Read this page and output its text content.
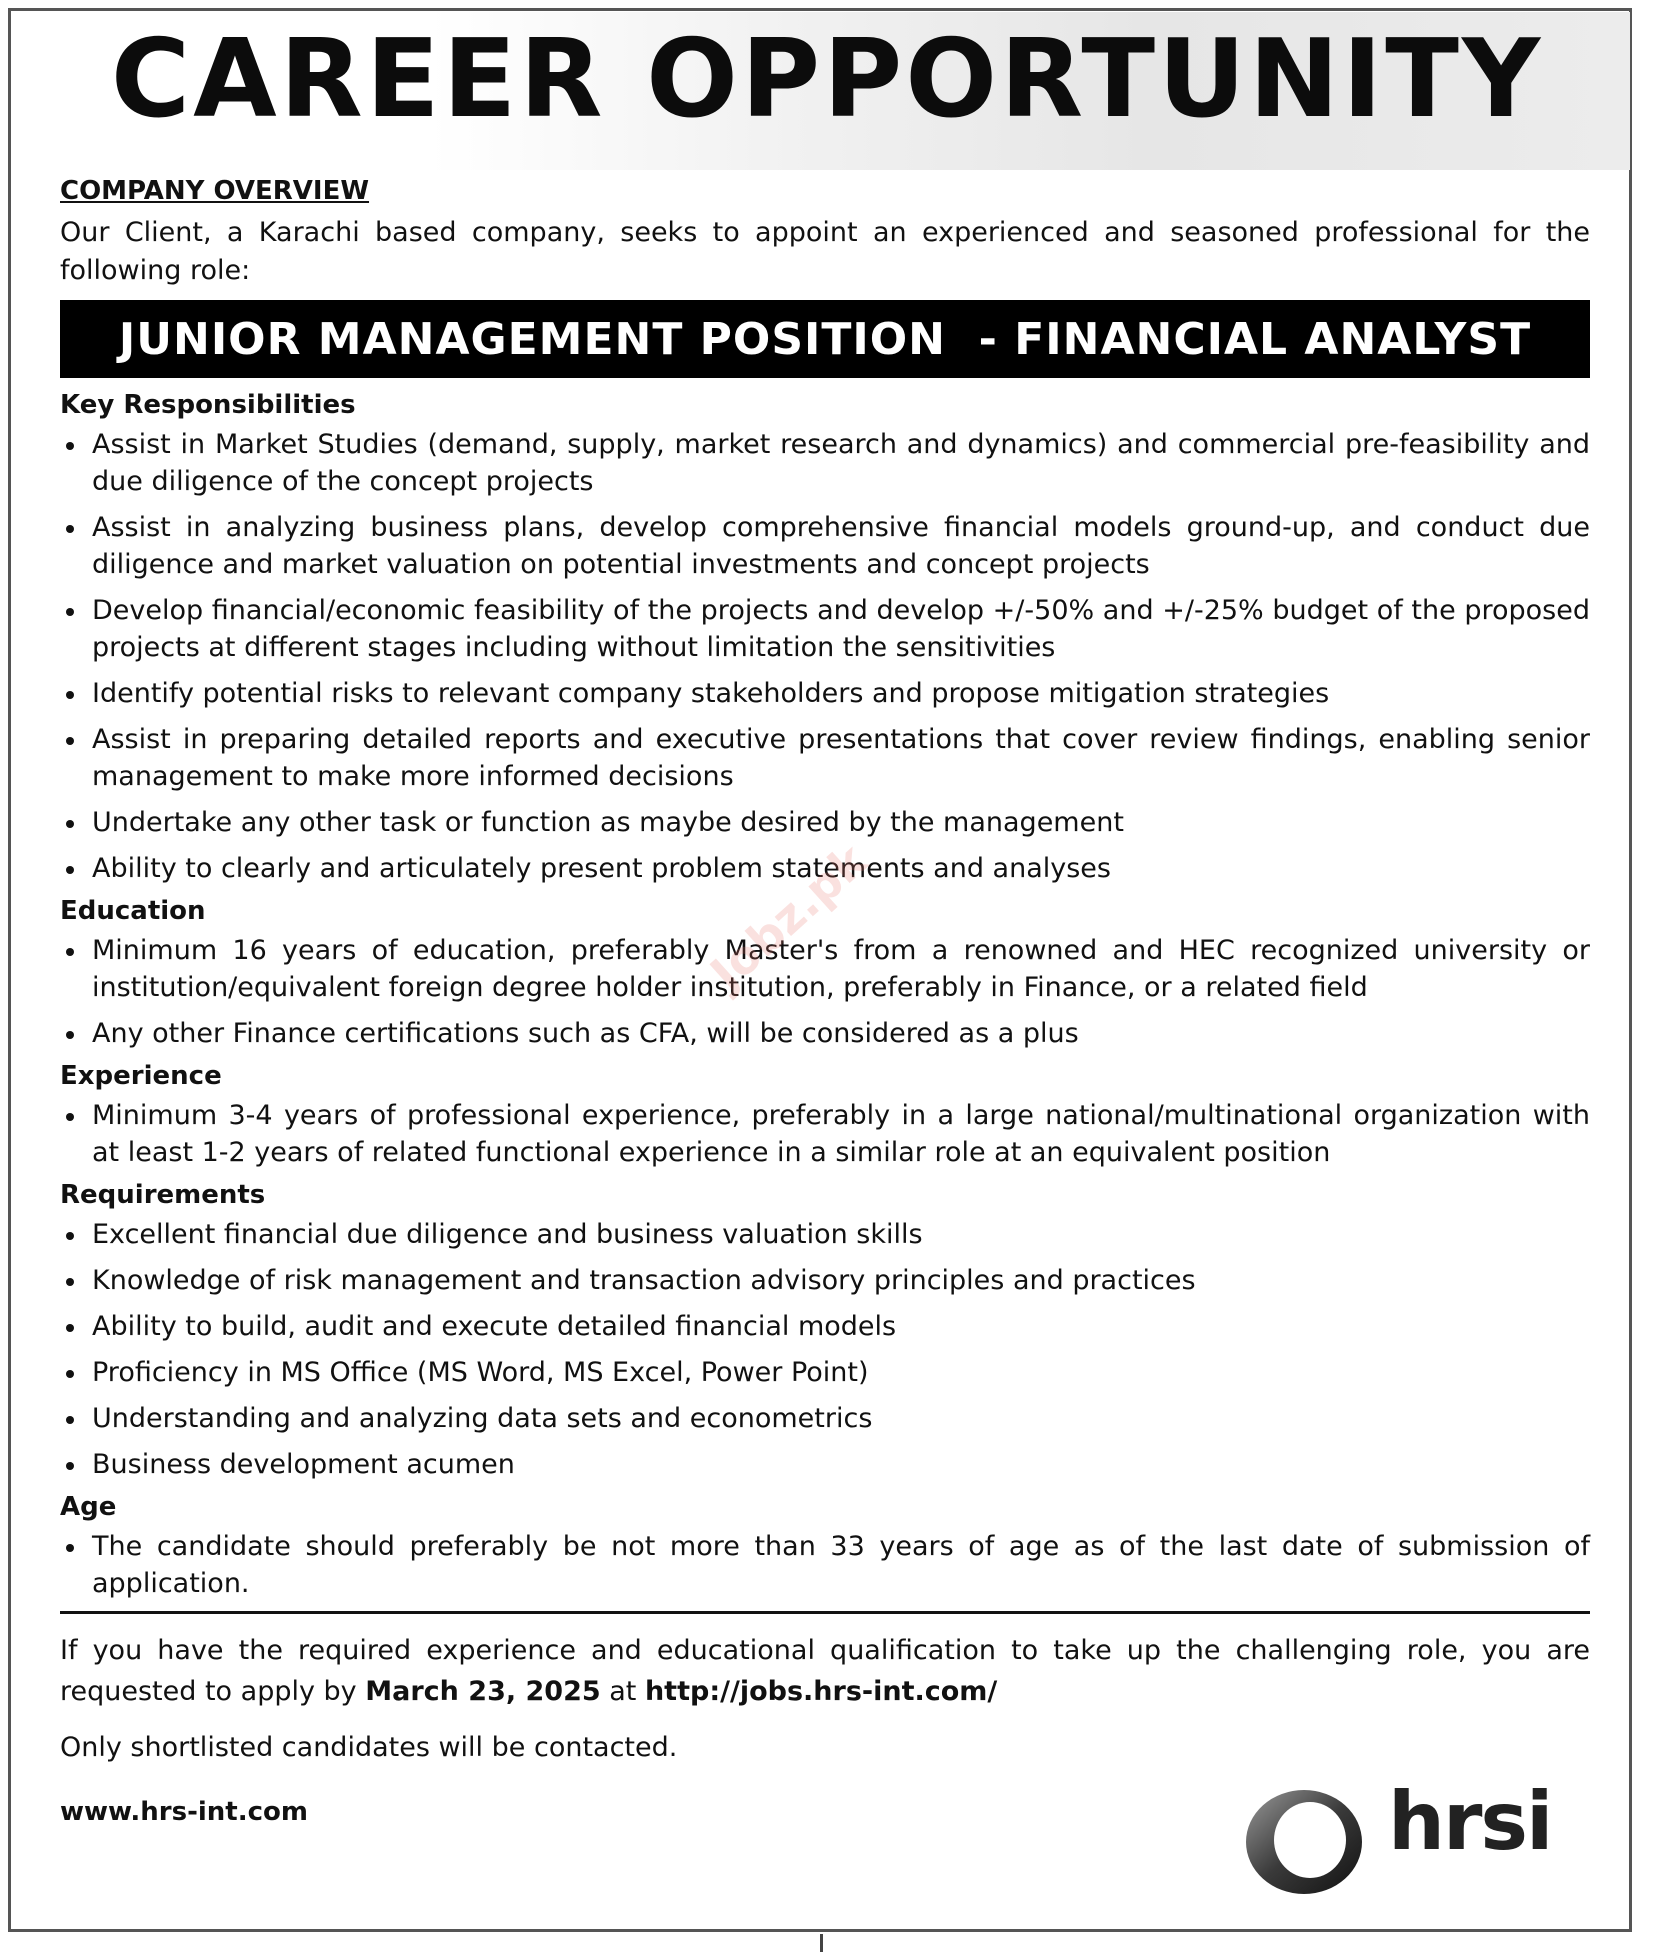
CAREER OPPORTUNITY
COMPANY OVERVIEW

Our Client, a Karachi based company, seeks to appoint an experienced and seasoned professional for the following role:

JUNIOR MANAGEMENT POSITION  - FINANCIAL ANALYST
Key Responsibilities
Assist in Market Studies (demand, supply, market research and dynamics) and commercial pre-feasibility and due diligence of the concept projects
Assist in analyzing business plans, develop comprehensive financial models ground-up, and conduct due diligence and market valuation on potential investments and concept projects
Develop financial/economic feasibility of the projects and develop +/-50% and +/-25% budget of the proposed projects at different stages including without limitation the sensitivities
Identify potential risks to relevant company stakeholders and propose mitigation strategies
Assist in preparing detailed reports and executive presentations that cover review findings, enabling senior management to make more informed decisions
Undertake any other task or function as maybe desired by the management
Ability to clearly and articulately present problem statements and analyses
Education
Minimum 16 years of education, preferably Master's from a renowned and HEC recognized university or institution/equivalent foreign degree holder institution, preferably in Finance, or a related field
Any other Finance certifications such as CFA, will be considered as a plus
Experience
Minimum 3-4 years of professional experience, preferably in a large national/multinational organization with at least 1-2 years of related functional experience in a similar role at an equivalent position
Requirements
Excellent financial due diligence and business valuation skills
Knowledge of risk management and transaction advisory principles and practices
Ability to build, audit and execute detailed financial models
Proficiency in MS Office (MS Word, MS Excel, Power Point)
Understanding and analyzing data sets and econometrics
Business development acumen
Age
The candidate should preferably be not more than 33 years of age as of the last date of submission of application.

If you have the required experience and educational qualification to take up the challenging role, you are requested to apply by March 23, 2025 at http://jobs.hrs-int.com/

Only shortlisted candidates will be contacted.

www.hrs-int.com

Jobz.pk
hrsi
